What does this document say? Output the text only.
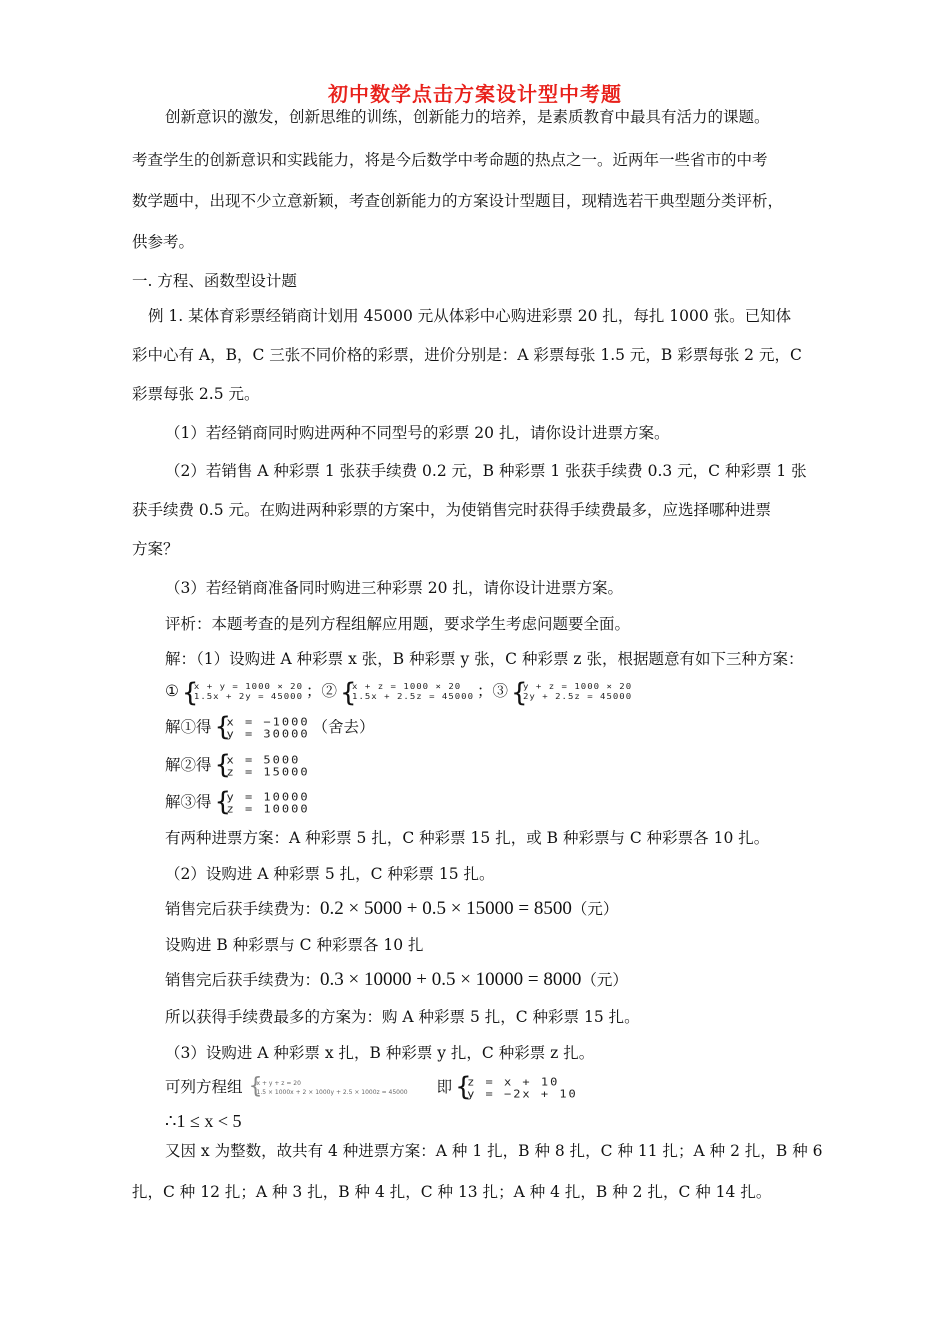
初中数学点击方案设计型中考题
创新意识的激发，创新思维的训练，创新能力的培养，是素质教育中最具有活力的课题。
考查学生的创新意识和实践能力，将是今后数学中考命题的热点之一。近两年一些省市的中考
数学题中，出现不少立意新颖，考查创新能力的方案设计型题目，现精选若干典型题分类评析，
供参考。
一. 方程、函数型设计题
例 1. 某体育彩票经销商计划用 45000 元从体彩中心购进彩票 20 扎，每扎 1000 张。已知体
彩中心有 A，B，C 三张不同价格的彩票，进价分别是：A 彩票每张 1.5 元，B 彩票每张 2 元，C
彩票每张 2.5 元。
（1）若经销商同时购进两种不同型号的彩票 20 扎，请你设计进票方案。
（2）若销售 A 种彩票 1 张获手续费 0.2 元，B 种彩票 1 张获手续费 0.3 元，C 种彩票 1 张
获手续费 0.5 元。在购进两种彩票的方案中，为使销售完时获得手续费最多，应选择哪种进票
方案？
（3）若经销商准备同时购进三种彩票 20 扎，请你设计进票方案。
评析：本题考查的是列方程组解应用题，要求学生考虑问题要全面。
解：（1）设购进 A 种彩票 x 张，B 种彩票 y 张，C 种彩票 z 张，根据题意有如下三种方案：
① {
x + y = 1000 × 20
1.5x + 2y = 45000 ；② {
x + z = 1000 × 20
1.5x + 2.5z = 45000 ；③ {
y + z = 1000 × 20
2y + 2.5z = 45000
解①得 {
x = −1000
y = 30000 （舍去）
解②得 {
x = 5000
z = 15000
解③得 {
y = 10000
z = 10000
有两种进票方案：A 种彩票 5 扎，C 种彩票 15 扎，或 B 种彩票与 C 种彩票各 10 扎。
（2）设购进 A 种彩票 5 扎，C 种彩票 15 扎。
销售完后获手续费为：0.2 × 5000 + 0.5 × 15000 = 8500（元）
设购进 B 种彩票与 C 种彩票各 10 扎
销售完后获手续费为：0.3 × 10000 + 0.5 × 10000 = 8000（元）
所以获得手续费最多的方案为：购 A 种彩票 5 扎，C 种彩票 15 扎。
（3）设购进 A 种彩票 x 扎，B 种彩票 y 扎，C 种彩票 z 扎。
可列方程组 {
x + y + z = 20
1.5 × 1000x + 2 × 1000y + 2.5 × 1000z = 45000 即 {
z = x + 10
y = −2x + 10
∴1 ≤ x < 5
又因 x 为整数，故共有 4 种进票方案：A 种 1 扎，B 种 8 扎，C 种 11 扎；A 种 2 扎，B 种 6
扎，C 种 12 扎；A 种 3 扎，B 种 4 扎，C 种 13 扎；A 种 4 扎，B 种 2 扎，C 种 14 扎。
